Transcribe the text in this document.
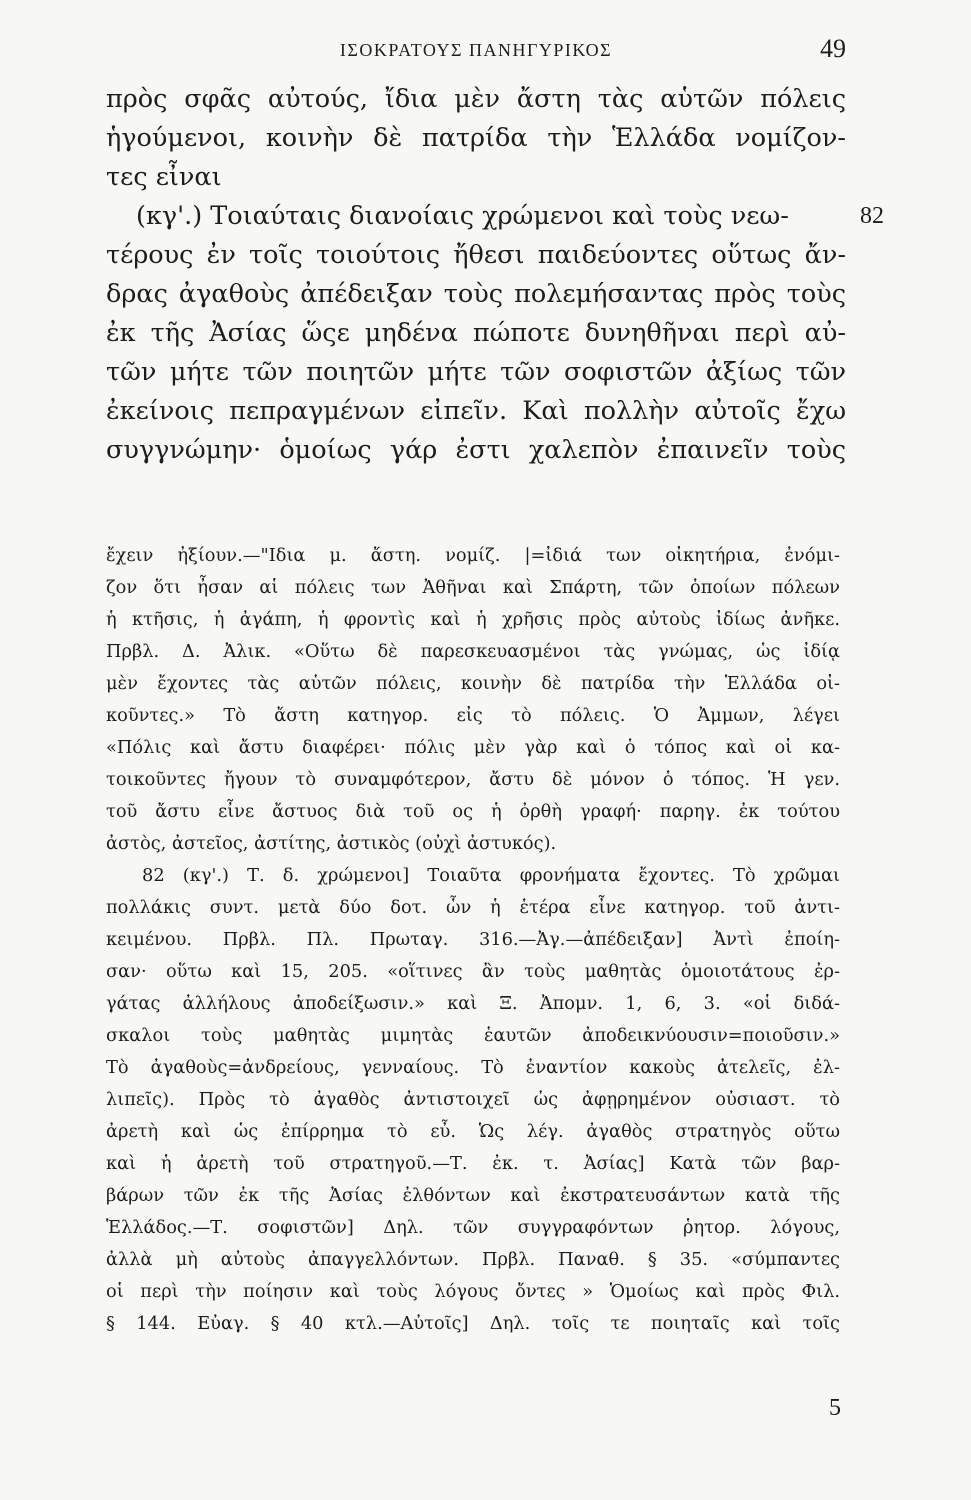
ΙΣΟΚΡΑΤΟΥΣ ΠΑΝΗΓΥΡΙΚΟΣ	49
πρὸς σφᾶς αὐτούς, ἴδια μὲν ἄστη τὰς αὑτῶν πόλεις
ἡγούμενοι, κοινὴν δὲ πατρίδα τὴν Ἑλλάδα νομίζον-
τες εἶναι
(κγ'.) Τοιαύταις διανοίαις χρώμενοι καὶ τοὺς νεω-	82
τέρους ἐν τοῖς τοιούτοις ἤθεσι παιδεύοντες οὕτως ἄν-
δρας ἀγαθοὺς ἀπέδειξαν τοὺς πολεμήσαντας πρὸς τοὺς
ἐκ τῆς Ἀσίας ὥςε μηδένα πώποτε δυνηθῆναι περὶ αὐ-
τῶν μήτε τῶν ποιητῶν μήτε τῶν σοφιστῶν ἀξίως τῶν
ἐκείνοις πεπραγμένων εἰπεῖν. Καὶ πολλὴν αὐτοῖς ἔχω
συγγνώμην· ὁμοίως γάρ ἐστι χαλεπὸν ἐπαινεῖν τοὺς
ἔχειν ἠξίουν.—"Ιδια μ. ἄστη. νομίζ. |=ἰδιά των οἰκητήρια, ἐνόμι-
ζον ὅτι ἦσαν αἱ πόλεις των Ἀθῆναι καὶ Σπάρτη, τῶν ὁποίων πόλεων
ἡ κτῆσις, ἡ ἀγάπη, ἡ φροντὶς καὶ ἡ χρῆσις πρὸς αὐτοὺς ἰδίως ἀνῆκε.
Πρβλ. Δ. Ἀλικ. «Οὕτω δὲ παρεσκευασμένοι τὰς γνώμας, ὡς ἰδίᾳ
μὲν ἔχοντες τὰς αὑτῶν πόλεις, κοινὴν δὲ πατρίδα τὴν Ἑλλάδα οἰ-
κοῦντες.» Τὸ ἄστη κατηγορ. εἰς τὸ πόλεις. Ὁ Ἀμμων, λέγει
«Πόλις καὶ ἄστυ διαφέρει· πόλις μὲν γὰρ καὶ ὁ τόπος καὶ οἱ κα-
τοικοῦντες ἤγουν τὸ συναμφότερον, ἄστυ δὲ μόνον ὁ τόπος. Ἡ γεν.
τοῦ ἄστυ εἶνε ἄστυος διὰ τοῦ ος ἡ ὀρθὴ γραφή· παρηγ. ἐκ τούτου
ἀστὸς, ἀστεῖος, ἀστίτης, ἀστικὸς (οὐχὶ ἀστυκός).
82 (κγ'.) Τ. δ. χρώμενοι] Τοιαῦτα φρονήματα ἔχοντες. Τὸ χρῶμαι
πολλάκις συντ. μετὰ δύο δοτ. ὧν ἡ ἑτέρα εἶνε κατηγορ. τοῦ ἀντι-
κειμένου. Πρβλ. Πλ. Πρωταγ. 316.—Ἀγ.—ἀπέδειξαν] Ἀντὶ ἐποίη-
σαν· οὕτω καὶ 15, 205. «οἵτινες ἂν τοὺς μαθητὰς ὁμοιοτάτους ἐρ-
γάτας ἀλλήλους ἀποδείξωσιν.» καὶ Ξ. Ἀπομν. 1, 6, 3. «οἱ διδά-
σκαλοι τοὺς μαθητὰς μιμητὰς ἑαυτῶν ἀποδεικνύουσιν=ποιοῦσιν.»
Τὸ ἀγαθοὺς=ἀνδρείους, γενναίους. Τὸ ἐναντίον κακοὺς ἀτελεῖς, ἐλ-
λιπεῖς). Πρὸς τὸ ἀγαθὸς ἀντιστοιχεῖ ὡς ἀφῃρημένον οὐσιαστ. τὸ
ἀρετὴ καὶ ὡς ἐπίρρημα τὸ εὖ. Ὡς λέγ. ἀγαθὸς στρατηγὸς οὕτω
καὶ ἡ ἀρετὴ τοῦ στρατηγοῦ.—Τ. ἐκ. τ. Ἀσίας] Κατὰ τῶν βαρ-
βάρων τῶν ἐκ τῆς Ἀσίας ἐλθόντων καὶ ἐκστρατευσάντων κατὰ τῆς
Ἑλλάδος.—Τ. σοφιστῶν] Δηλ. τῶν συγγραφόντων ῥητορ. λόγους,
ἀλλὰ μὴ αὐτοὺς ἀπαγγελλόντων. Πρβλ. Παναθ. § 35. «σύμπαντες
οἱ περὶ τὴν ποίησιν καὶ τοὺς λόγους ὄντες » Ὁμοίως καὶ πρὸς Φιλ.
§ 144. Εὐαγ. § 40 κτλ.—Αὐτοῖς] Δηλ. τοῖς τε ποιηταῖς καὶ τοῖς
5
